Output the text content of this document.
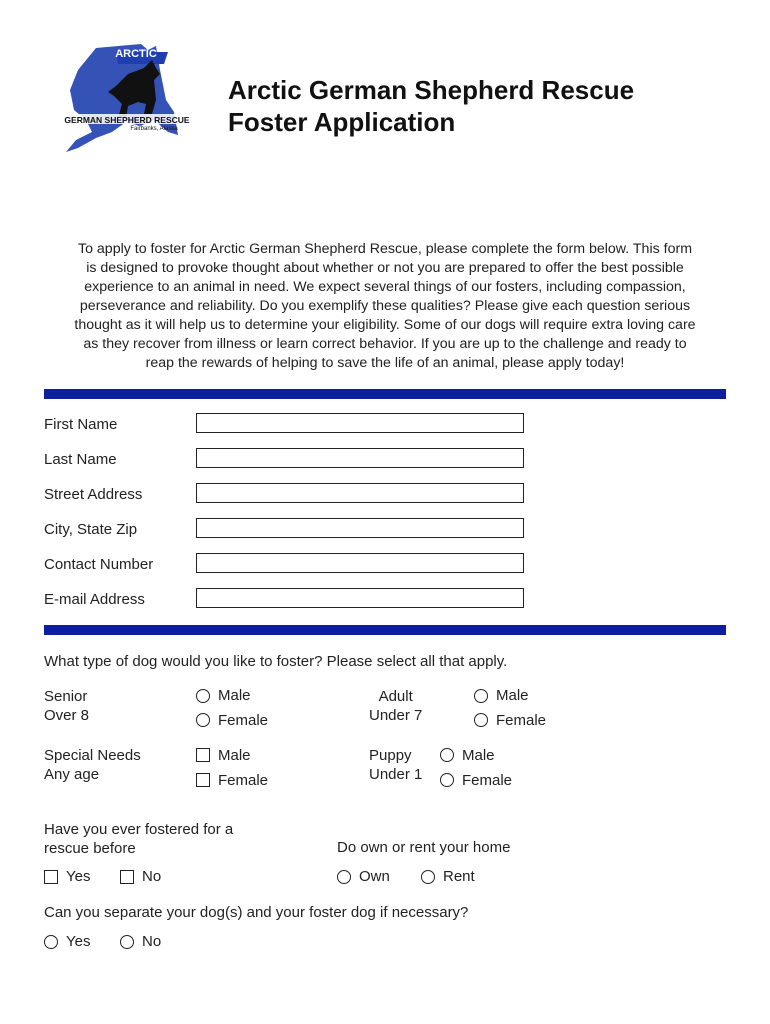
ARCTIC
GERMAN SHEPHERD RESCUE
Fairbanks, Alaska
Arctic German Shepherd Rescue
Foster Application
To apply to foster for Arctic German Shepherd Rescue, please complete the form below. This form
is designed to provoke thought about whether or not you are prepared to offer the best possible
experience to an animal in need. We expect several things of our fosters, including compassion,
perseverance and reliability. Do you exemplify these qualities? Please give each question serious
thought as it will help us to determine your eligibility. Some of our dogs will require extra loving care
as they recover from illness or learn correct behavior. If you are up to the challenge and ready to
reap the rewards of helping to save the life of an animal, please apply today!
First Name
Last Name
Street Address
City, State Zip
Contact Number
E-mail Address
What type of dog would you like to foster? Please select all that apply.
Senior
Over 8
Male
Female
Adult
Under 7
Male
Female
Special Needs
Any age
Male
Female
Puppy
Under 1
Male
Female
Have you ever fostered for a
rescue before
Yes	No
Do own or rent your home
Own	Rent
Can you separate your dog(s) and your foster dog if necessary?
Yes	No
